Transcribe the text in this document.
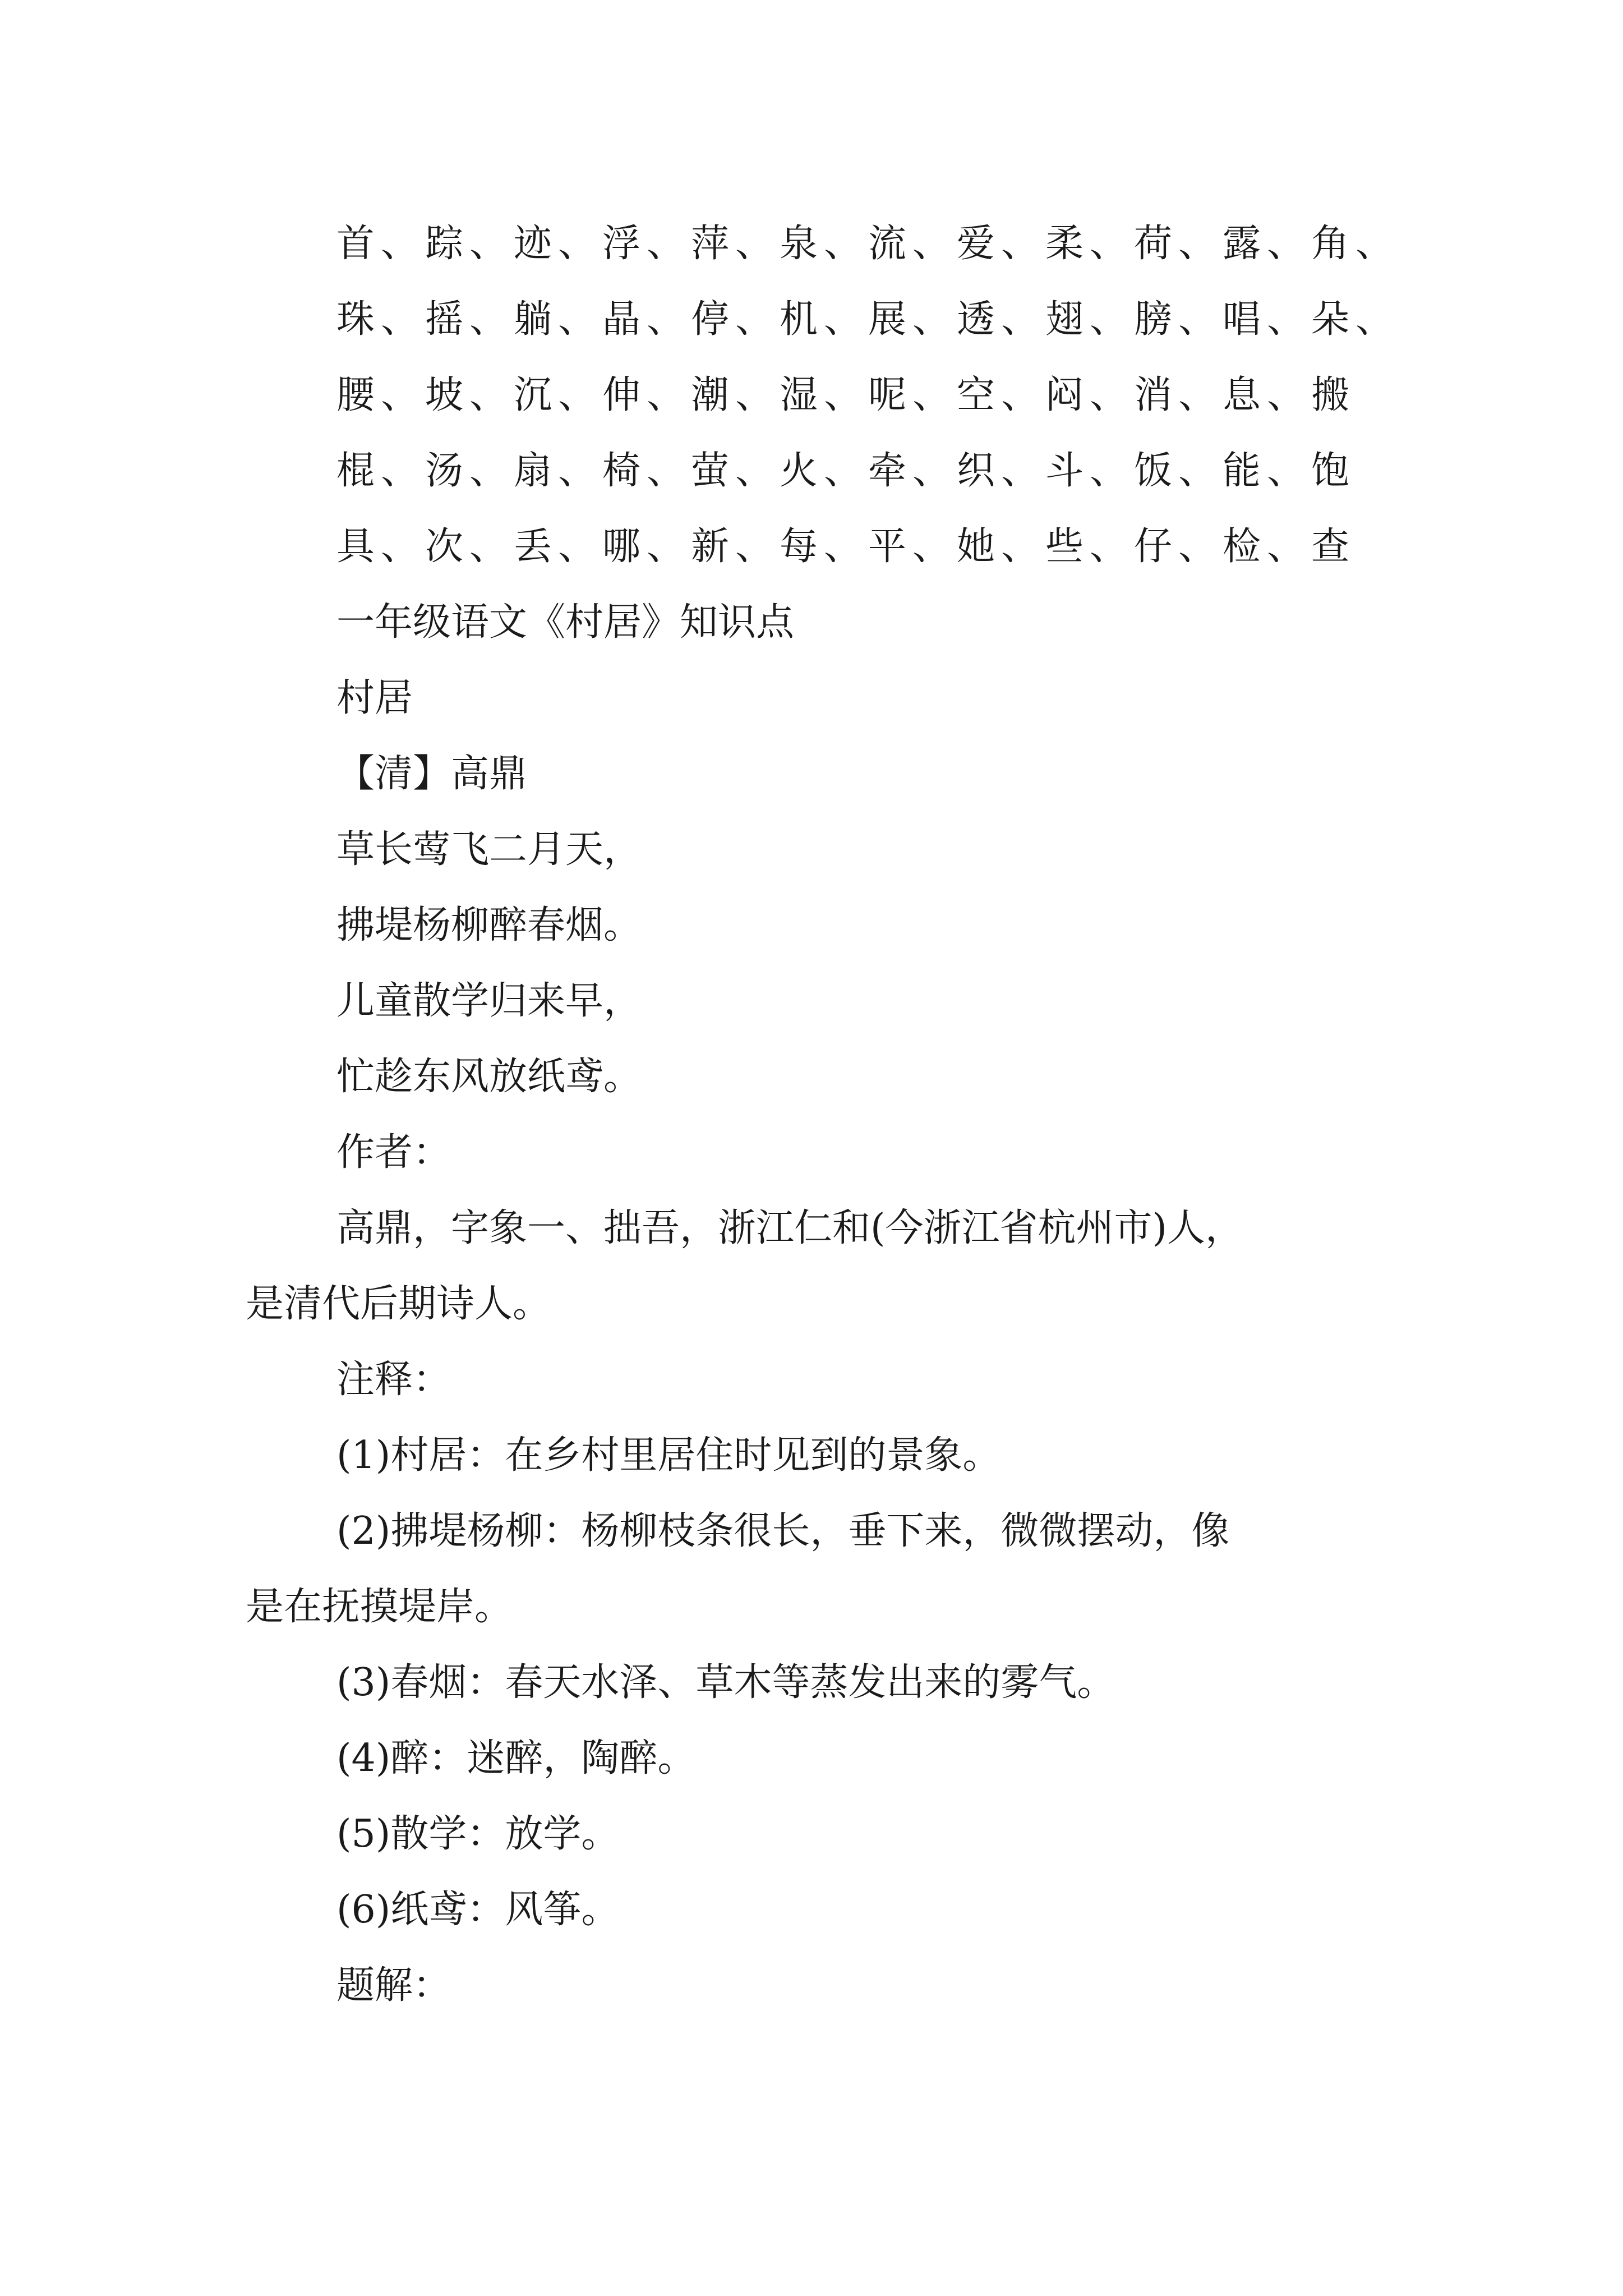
首、踪、迹、浮、萍、泉、流、爱、柔、荷、露、角、
珠、摇、躺、晶、停、机、展、透、翅、膀、唱、朵、
腰、坡、沉、伸、潮、湿、呢、空、闷、消、息、搬
棍、汤、扇、椅、萤、火、牵、织、斗、饭、能、饱
具、次、丢、哪、新、每、平、她、些、仔、检、查
一年级语文《村居》知识点
村居
【清】高鼎
草长莺飞二月天，
拂堤杨柳醉春烟。
儿童散学归来早，
忙趁东风放纸鸢。
作者：
高鼎，字象一、拙吾，浙江仁和(今浙江省杭州市)人，
是清代后期诗人。
注释：
(1)村居：在乡村里居住时见到的景象。
(2)拂堤杨柳：杨柳枝条很长，垂下来，微微摆动，像
是在抚摸堤岸。
(3)春烟：春天水泽、草木等蒸发出来的雾气。
(4)醉：迷醉，陶醉。
(5)散学：放学。
(6)纸鸢：风筝。
题解：
